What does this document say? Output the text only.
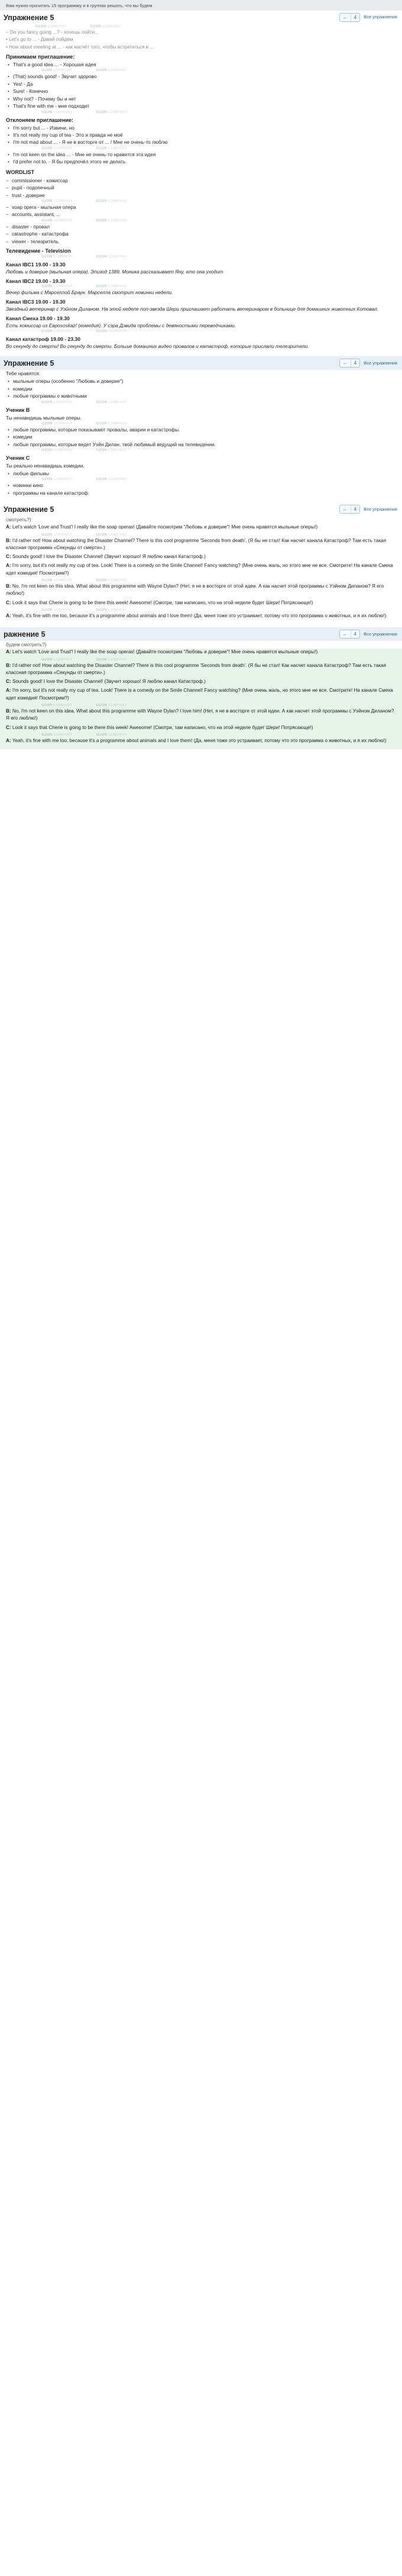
Вам нужно прочитать 15 программку и в группах решать, что вы будем
Упражнение 5	←	4	Все упражнения
OZON COMPANY	OZON COMPANY
– Do you fancy going ...? - хочешь пойти...
• Let's go to ... - Давай пойдем
• How about meeting at ... - как насчёт того, чтобы встретиться в ...
Принимаем приглашение:
• That's a good idea ... - Хорошая идея
OZON COMPANY	OZON COMPANY
• (That) sounds good! - Звучит здорово
• Yes! - Да
• Sure! - Конечно
• Why not? - Почему бы и нет
• That's fine with me - мне подходит
OZON COMPANY	OZON COMPANY
Отклоняем приглашение:
• I'm sorry but ... - Извини, но
• It's not really my cup of tea - Это и правда не моё
• I'm not mad about ... - Я не в восторге от ... / Мне не очень-то люблю
OZON COMPANY	OZON COMPANY
• I'm not keen on the idea ... - Мне не очень-то нравится эта идея
• I'd prefer not to. - Я бы предпочёл этого не делать
WORDLIST
– commissioner - комиссар
– pupil - подопечный
– trust - доверие
OZON COMPANY	OZON COMPANY
– soap opera - мыльная опера
– accounts, assistant, ...
OZON COMPANY	OZON COMPANY
– disaster - провал
– catastrophe - катастрофа
– viewer - телезритель
Телевидение - Television
OZON COMPANY	OZON COMPANY
Канал IBC1 19.00 - 19.30
Любовь и доверие (мыльная опера). Эпизод 1389. Моника рассказывает Яну, кто она уходит
Канал IBC2 19.00 - 19.30
OZON COMPANY	OZON COMPANY
Вечер фильма с Марселлой Браун. Марселла смотрит новинки недели.
Канал IBC3 19.00 - 19.30
Звездный ветеринар с Уэйном Диланом. На этой неделе поп-звезда Шери приглашает работать ветеринаром в больнице для домашних животных Котовал.
Канал Смеха 19.00 - 19.30
Есть комиссар из Еврososkaz! (комедия). У сэра Дэвида проблемы с девяностыми переводчиками.
OZON COMPANY	OZON COMPANY
Канал катастроф 19.00 - 23.30
Во секунду до смерти! Во секунду до смерти. Больше домашних видео провалов и катастроф, которые прислали телезрители.
Упражнение 5	←	4	Все упражнения
Тебе нравятся:
• мыльные оперы (особенно "Любовь и доверие")
• комедии
• любые программы о животными
OZON COMPANY	OZON COMPANY
Ученик B
Ты ненавидишь мыльные оперы.
OZON COMPANY	OZON COMPANY
• любые программы, которые показывают провалы, аварии и катастрофы.
• комедии
• любые программы, которые ведет Уэйн Дилан, твой любимый ведущий на телевидении.
OZON COMPANY	OZON COMPANY
Ученик C
Ты реально ненавидишь комедии.
• любые фильмы
OZON COMPANY	OZON COMPANY
• новинки кино
• программы на канале катастроф
Упражнение 5	←	4	Все упражнения
смотреть?)
A: Let's watch 'Love and Trust'! I really like the soap operas! (Давайте посмотрим "Любовь и доверие"! Мне очень нравятся мыльные оперы!)
OZON COMPANY	OZON COMPANY
B: I'd rather not! How about watching the Disaster Channel? There is this cool programme 'Seconds from death'. (Я бы не стал! Как насчет канала Катастроф? Там есть такая классная программа «Секунды от смерти».)
C: Sounds good! I love the Disaster Channel! (Звучит хорошо! Я люблю канал Катастроф.)
A: I'm sorry, but it's not really my cup of tea. Look! There is a comedy on the Smile Channel! Fancy watching? (Мне очень жаль, но этого мне не все. Смотрите! На канале Смеха идет комедия! Посмотрим?)
OZON COMPANY	OZON COMPANY
B: No, I'm not keen on this idea. What about this programme with Wayne Dylan? (Нет, я не в восторге от этой идеи. А как насчет этой программы с Уэйном Диланом? Я его люблю!)
C: Look it says that Cherie is going to be there this week! Awesome! (Смотри, там написано, что на этой неделе будет Шери! Потрясающе!)
OZON COMPANY	OZON COMPANY
A: Yeah, it's fine with me too, because it's a programme about animals and I love them! (Да, меня тоже это устраивает, потому что это программа о животных, и я их люблю!)
ражнение 5	←	4	Все упражнения
будем смотреть?)
A: Let's watch 'Love and Trust'! I really like the soap operas! (Давайте посмотрим "Любовь и доверие"! Мне очень нравятся мыльные оперы!)
OZON COMPANY	OZON COMPANY
B: I'd rather not! How about watching the Disaster Channel? There is this cool programme 'Seconds from death'. (Я бы не стал! Как насчет канала Катастроф? Там есть такая классная программа «Секунды от смерти».)
C: Sounds good! I love the Disaster Channel! (Звучит хорошо! Я люблю канал Катастроф.)
A: I'm sorry, but it's not really my cup of tea. Look! There is a comedy on the Smile Channel! Fancy watching? (Мне очень жаль, но этого мне не все. Смотрите! На канале Смеха идет комедия! Посмотрим?)
OZON COMPANY	OZON COMPANY
B: No, I'm not keen on this idea. What about this programme with Wayne Dylan? I love him! (Нет, я не в восторге от этой идеи. А как насчет этой программы с Уэйном Диланом? Я его люблю!)
C: Look it says that Cherie is going to be there this week! Awesome! (Смотри, там написано, что на этой неделе будет Шери! Потрясающе!)
OZON COMPANY	OZON COMPANY
A: Yeah, it's fine with me too, because it's a programme about animals and I love them! (Да, меня тоже это устраивает, потому что это программа о животных, и я их люблю!)
